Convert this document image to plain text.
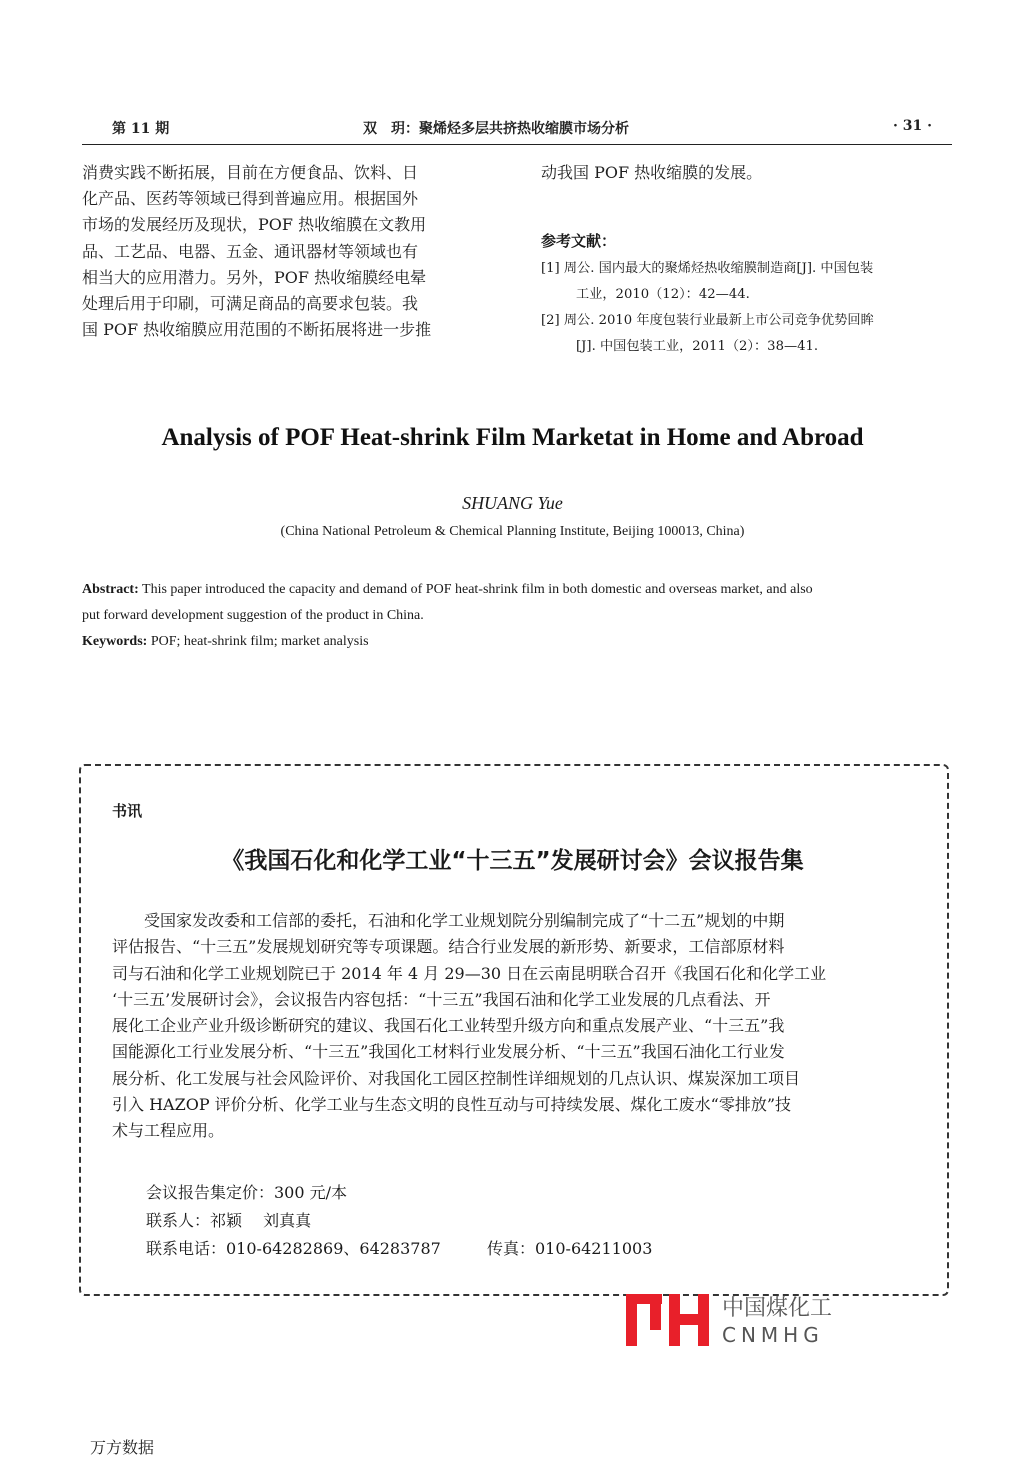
第 11 期	双　玥：聚烯烃多层共挤热收缩膜市场分析	· 31 ·

消费实践不断拓展，目前在方便食品、饮料、日

化产品、医药等领域已得到普遍应用。根据国外

市场的发展经历及现状，POF 热收缩膜在文教用

品、工艺品、电器、五金、通讯器材等领域也有

相当大的应用潜力。另外，POF 热收缩膜经电晕

处理后用于印刷，可满足商品的高要求包装。我

国 POF 热收缩膜应用范围的不断拓展将进一步推

动我国 POF 热收缩膜的发展。
参考文献：
[1] 周公. 国内最大的聚烯烃热收缩膜制造商[J]. 中国包装
工业，2010（12）：42—44.
[2] 周公. 2010 年度包装行业最新上市公司竞争优势回眸
[J]. 中国包装工业，2011（2）：38—41.
Analysis of POF Heat-shrink Film Marketat in Home and Abroad
SHUANG Yue
(China National Petroleum & Chemical Planning Institute, Beijing 100013, China)

Abstract: This paper introduced the capacity and demand of POF heat-shrink film in both domestic and overseas market, and also

put forward development suggestion of the product in China.

Keywords: POF; heat-shrink film; market analysis

书讯
《我国石化和化学工业“十三五”发展研讨会》会议报告集

　　受国家发改委和工信部的委托，石油和化学工业规划院分别编制完成了“十二五”规划的中期

评估报告、“十三五”发展规划研究等专项课题。结合行业发展的新形势、新要求，工信部原材料

司与石油和化学工业规划院已于 2014 年 4 月 29—30 日在云南昆明联合召开《我国石化和化学工业

‘十三五’发展研讨会》，会议报告内容包括：“十三五”我国石油和化学工业发展的几点看法、开

展化工企业产业升级诊断研究的建议、我国石化工业转型升级方向和重点发展产业、“十三五”我

国能源化工行业发展分析、“十三五”我国化工材料行业发展分析、“十三五”我国石油化工行业发

展分析、化工发展与社会风险评价、对我国化工园区控制性详细规划的几点认识、煤炭深加工项目

引入 HAZOP 评价分析、化学工业与生态文明的良性互动与可持续发展、煤化工废水“零排放”技

术与工程应用。

会议报告集定价：300 元/本
联系人：祁颖　 刘真真
联系电话：010-64282869、64283787	传真：010-64211003
中国煤化工
CNMHG
万方数据
